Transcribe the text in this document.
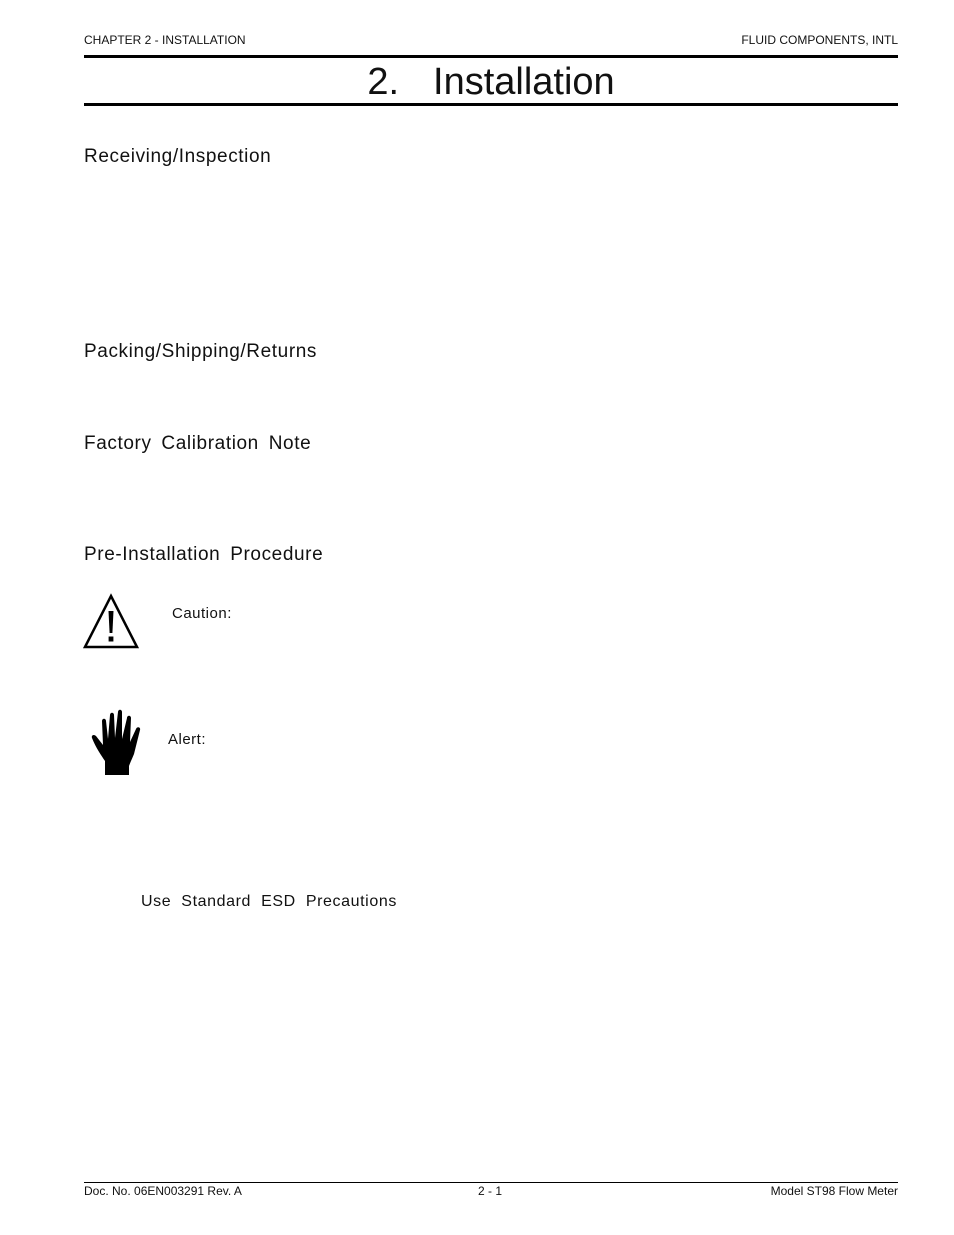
CHAPTER 2 - INSTALLATION	FLUID COMPONENTS, INTL
2. Installation
Receiving/Inspection
Packing/Shipping/Returns
Factory Calibration Note
Pre-Installation Procedure
Caution:
Alert:
Use Standard ESD Precautions
Doc. No. 06EN003291 Rev. A	2 - 1	Model ST98 Flow Meter
